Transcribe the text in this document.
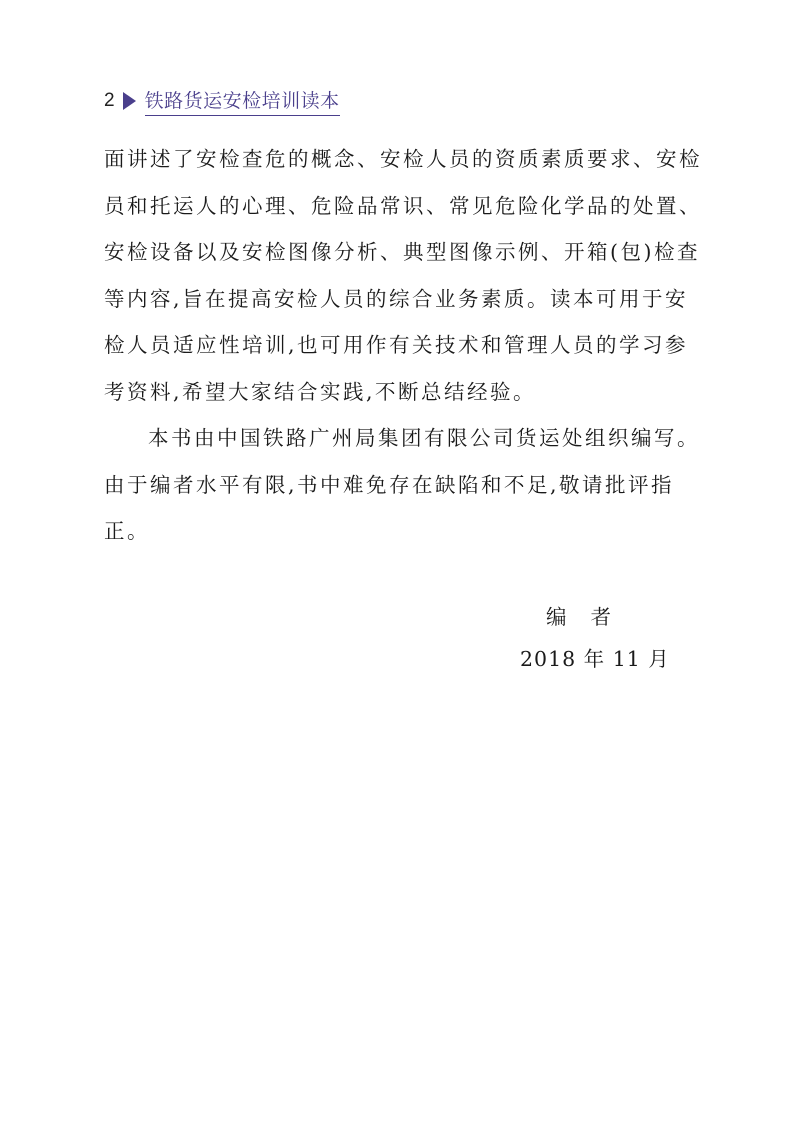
2 铁路货运安检培训读本

面讲述了安检查危的概念、安检人员的资质素质要求、安检员和托运人的心理、危险品常识、常见危险化学品的处置、安检设备以及安检图像分析、典型图像示例、开箱(包)检查等内容,旨在提高安检人员的综合业务素质。读本可用于安检人员适应性培训,也可用作有关技术和管理人员的学习参考资料,希望大家结合实践,不断总结经验。

本书由中国铁路广州局集团有限公司货运处组织编写。由于编者水平有限,书中难免存在缺陷和不足,敬请批评指正。

编者
2018 年 11 月
